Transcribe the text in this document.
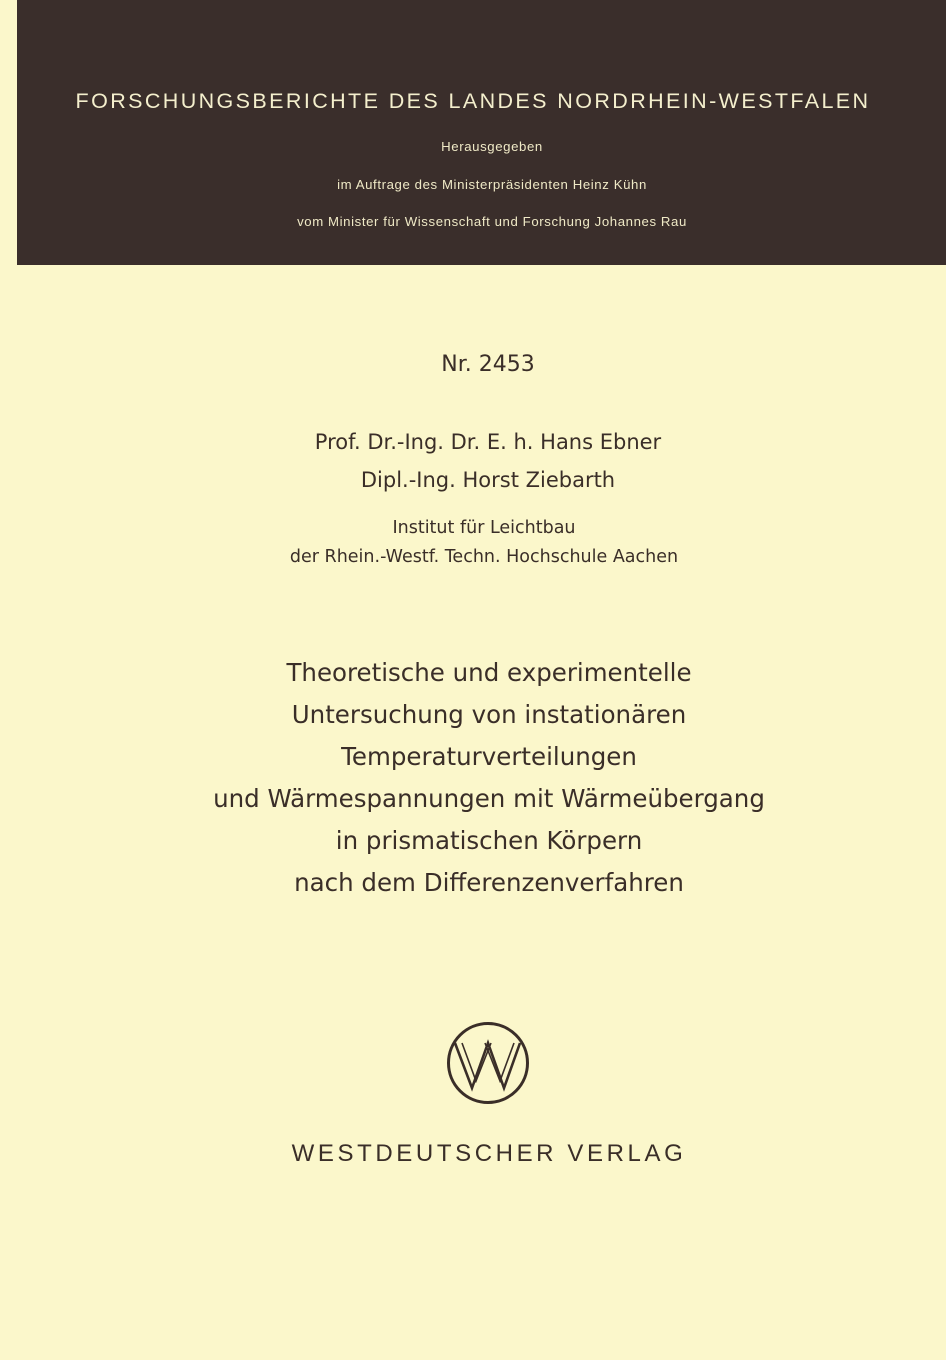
FORSCHUNGSBERICHTE DES LANDES NORDRHEIN-WESTFALEN
Herausgegeben
im Auftrage des Ministerpräsidenten Heinz Kühn
vom Minister für Wissenschaft und Forschung Johannes Rau
Nr. 2453
Prof. Dr.-Ing. Dr. E. h. Hans Ebner
Dipl.-Ing. Horst Ziebarth
Institut für Leichtbau
der Rhein.-Westf. Techn. Hochschule Aachen
Theoretische und experimentelle
Untersuchung von instationären
Temperaturverteilungen
und Wärmespannungen mit Wärmeübergang
in prismatischen Körpern
nach dem Differenzenverfahren
WESTDEUTSCHER VERLAG
